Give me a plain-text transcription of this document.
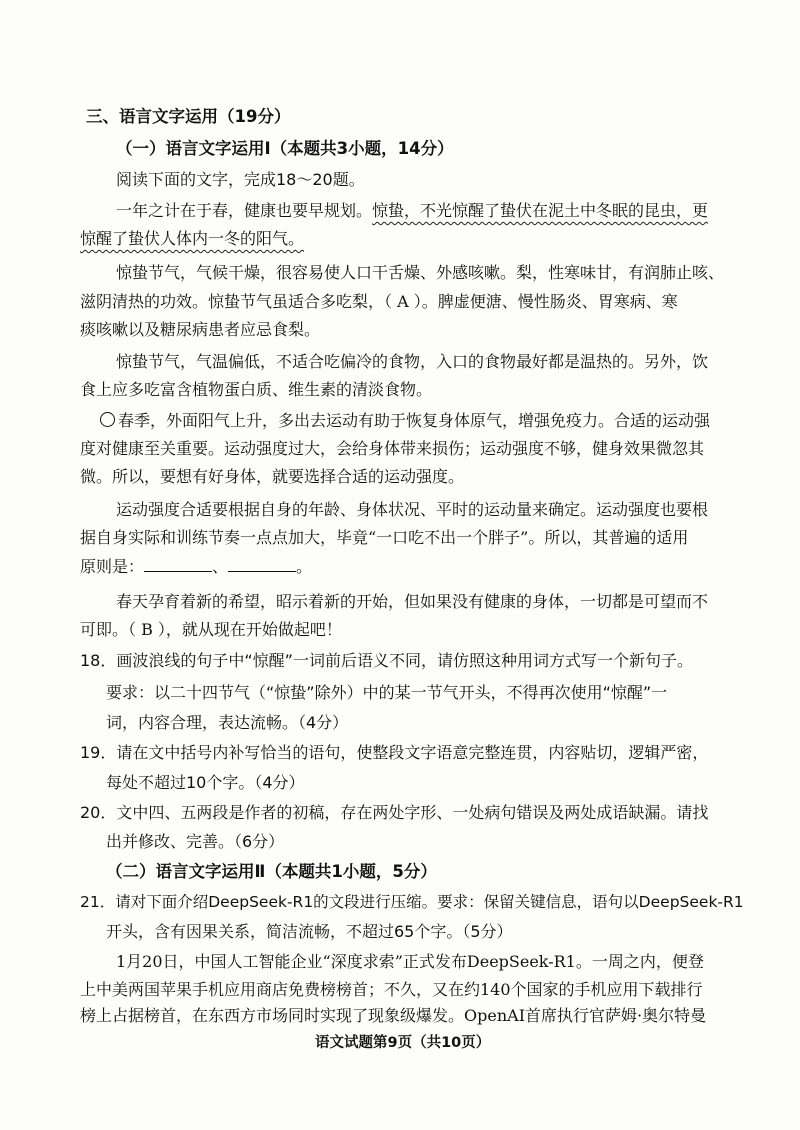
三、语言文字运用（19分）
（一）语言文字运用Ⅰ（本题共3小题，14分）
阅读下面的文字，完成18～20题。
一年之计在于春，健康也要早规划。惊蛰，不光惊醒了蛰伏在泥土中冬眠的昆虫，更
惊醒了蛰伏人体内一冬的阳气。
惊蛰节气，气候干燥，很容易使人口干舌燥、外感咳嗽。梨，性寒味甘，有润肺止咳、
滋阴清热的功效。惊蛰节气虽适合多吃梨，（ A ）。脾虚便溏、慢性肠炎、胃寒病、寒
痰咳嗽以及糖尿病患者应忌食梨。
惊蛰节气，气温偏低，不适合吃偏冷的食物，入口的食物最好都是温热的。另外，饮
食上应多吃富含植物蛋白质、维生素的清淡食物。
春季，外面阳气上升，多出去运动有助于恢复身体原气，增强免疫力。合适的运动强
度对健康至关重要。运动强度过大，会给身体带来损伤；运动强度不够，健身效果微忽其
微。所以，要想有好身体，就要选择合适的运动强度。
运动强度合适要根据自身的年龄、身体状况、平时的运动量来确定。运动强度也要根
据自身实际和训练节奏一点点加大，毕竟“一口吃不出一个胖子”。所以，其普遍的适用
原则是：	、	。
春天孕育着新的希望，昭示着新的开始，但如果没有健康的身体，一切都是可望而不
可即。（ B ），就从现在开始做起吧！
18．画波浪线的句子中“惊醒”一词前后语义不同，请仿照这种用词方式写一个新句子。
要求：以二十四节气（“惊蛰”除外）中的某一节气开头，不得再次使用“惊醒”一
词，内容合理，表达流畅。（4分）
19．请在文中括号内补写恰当的语句，使整段文字语意完整连贯，内容贴切，逻辑严密，
每处不超过10个字。（4分）
20．文中四、五两段是作者的初稿，存在两处字形、一处病句错误及两处成语缺漏。请找
出并修改、完善。（6分）
（二）语言文字运用Ⅱ（本题共1小题，5分）
21．请对下面介绍DeepSeek-R1的文段进行压缩。要求：保留关键信息，语句以DeepSeek-R1
开头，含有因果关系，简洁流畅，不超过65个字。（5分）
1月20日，中国人工智能企业“深度求索”正式发布DeepSeek-R1。一周之内，便登
上中美两国苹果手机应用商店免费榜榜首；不久，又在约140个国家的手机应用下载排行
榜上占据榜首，在东西方市场同时实现了现象级爆发。OpenAI首席执行官萨姆·奥尔特曼
语文试题第9页（共10页）
